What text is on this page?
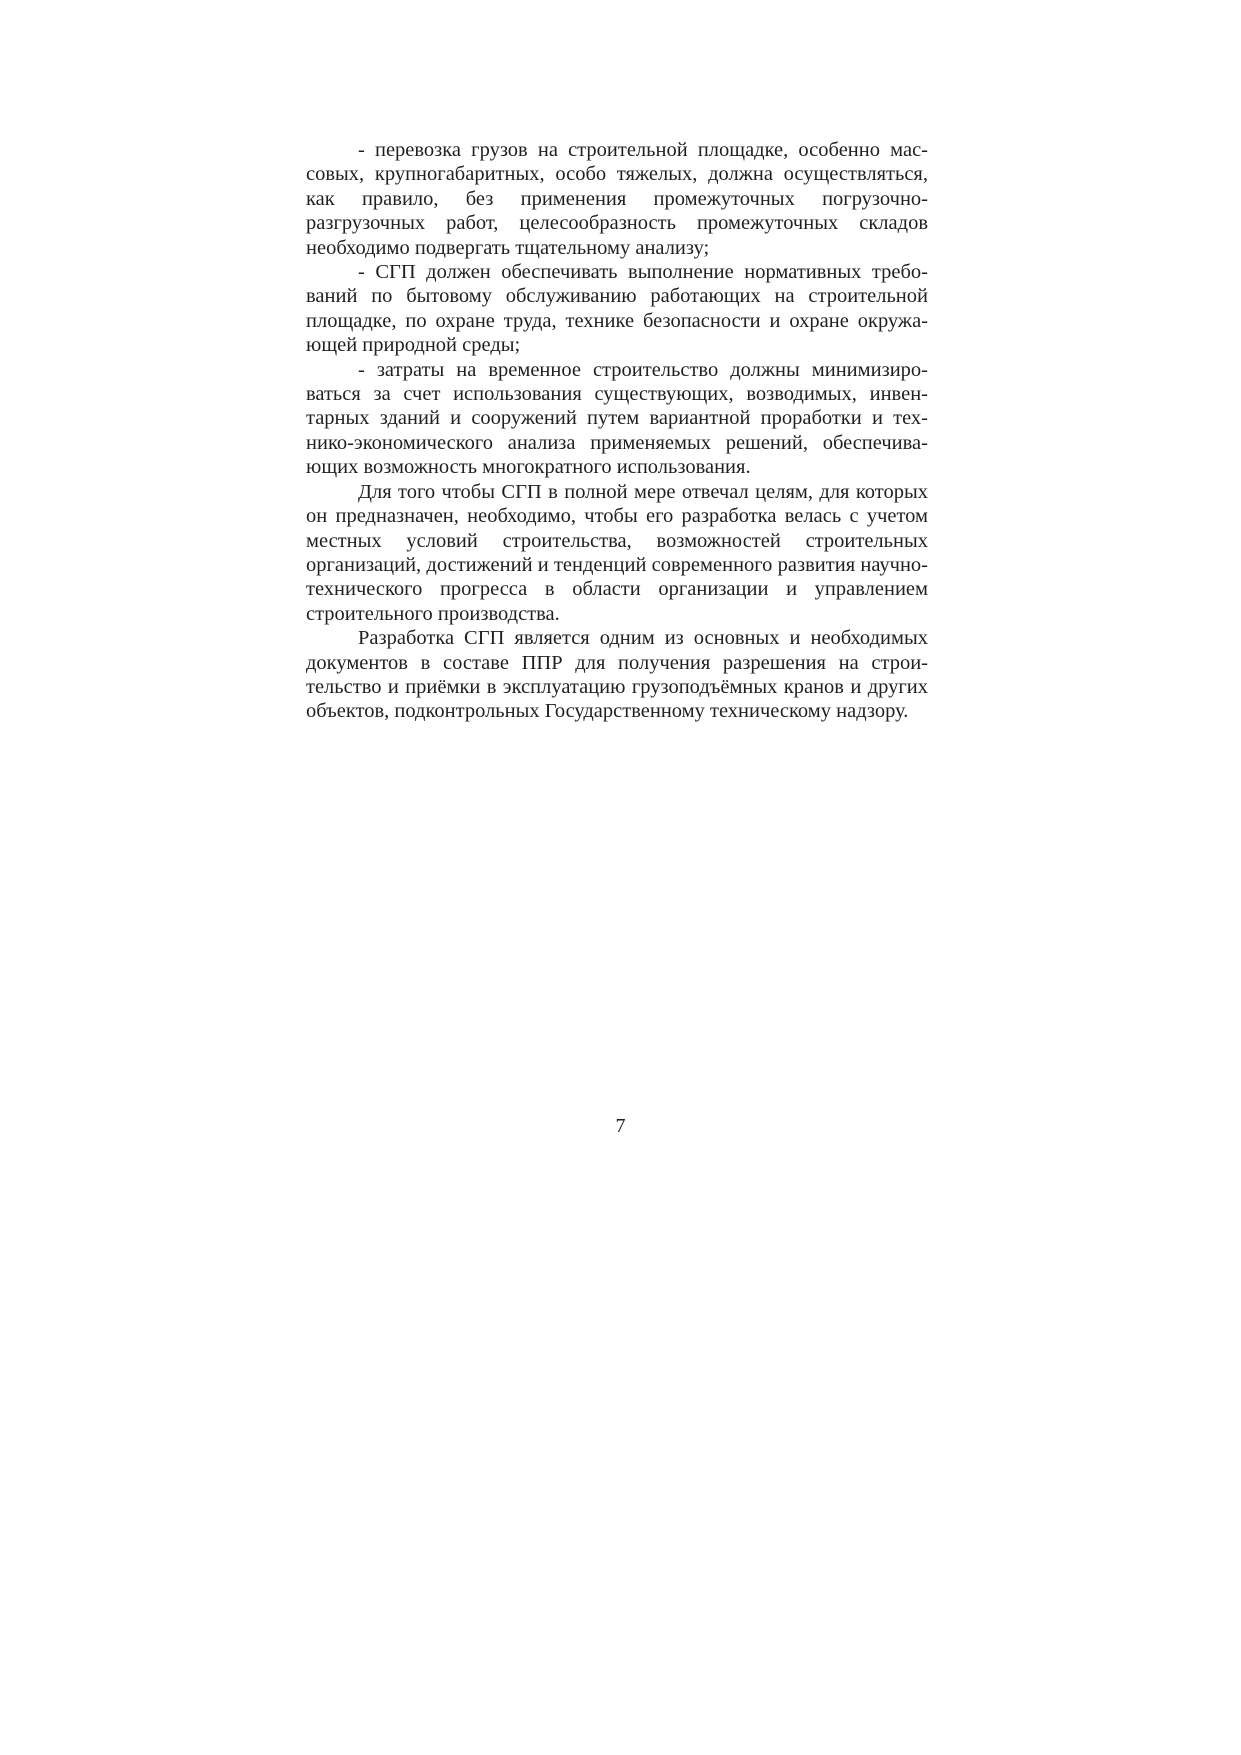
- перевозка грузов на строительной площадке, особенно массовых, крупногабаритных, особо тяжелых, должна осуществляться, как правило, без применения промежуточных погрузочно-разгрузочных работ, целесообразность промежуточных складов необходимо подвергать тщательному анализу;

- СГП должен обеспечивать выполнение нормативных требований по бытовому обслуживанию работающих на строительной площадке, по охране труда, технике безопасности и охране окружающей природной среды;

- затраты на временное строительство должны минимизироваться за счет использования существующих, возводимых, инвентарных зданий и сооружений путем вариантной проработки и технико-экономического анализа применяемых решений, обеспечивающих возможность многократного использования.

Для того чтобы СГП в полной мере отвечал целям, для которых он предназначен, необходимо, чтобы его разработка велась с учетом местных условий строительства, возможностей строительных организаций, достижений и тенденций современного развития научно-технического прогресса в области организации и управлением строительного производства.

Разработка СГП является одним из основных и необходимых документов в составе ППР для получения разрешения на строительство и приёмки в эксплуатацию грузоподъёмных кранов и других объектов, подконтрольных Государственному техническому надзору.

7
